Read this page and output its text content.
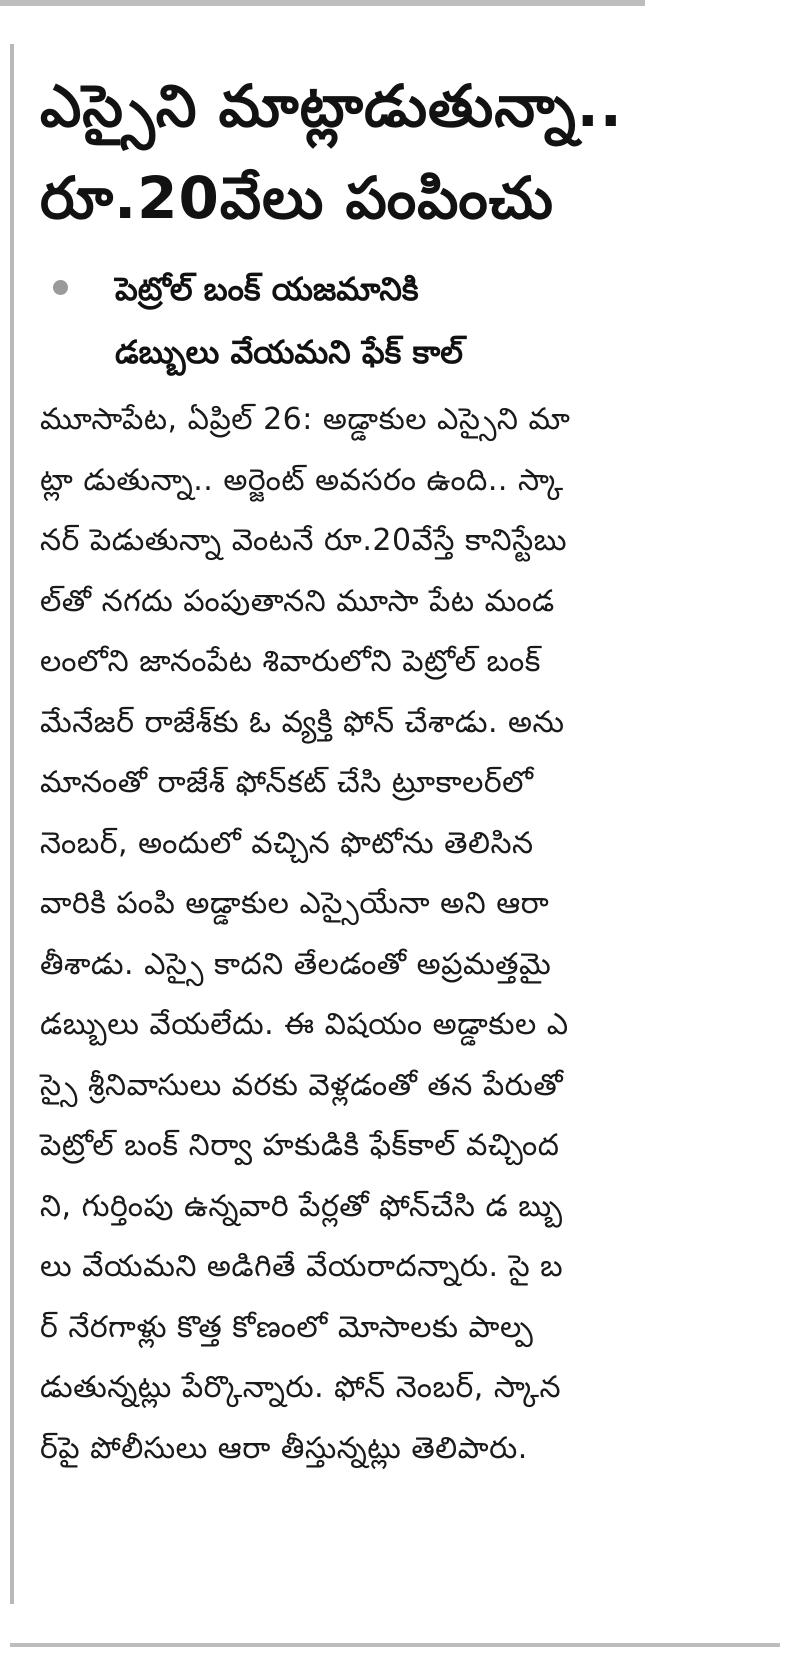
ఎస్సైని మాట్లాడుతున్నా..
రూ.20వేలు పంపించు
పెట్రోల్ బంక్ యజమానికి
డబ్బులు వేయమని ఫేక్ కాల్
మూసాపేట, ఏప్రిల్ 26: అడ్డాకుల ఎస్సైని మా
ట్లా డుతున్నా.. అర్జెంట్ అవసరం ఉంది.. స్కా
నర్ పెడుతున్నా వెంటనే రూ.20వేస్తే కానిస్టేబు
ల్‌తో నగదు పంపుతానని మూసా పేట మండ
లంలోని జానంపేట శివారులోని పెట్రోల్ బంక్
మేనేజర్ రాజేశ్‌కు ఓ వ్యక్తి ఫోన్ చేశాడు. అను
మానంతో రాజేశ్ ఫోన్‌కట్ చేసి ట్రూకాలర్‌లో
నెంబర్, అందులో వచ్చిన ఫొటోను తెలిసిన
వారికి పంపి అడ్డాకుల ఎస్సైయేనా అని ఆరా
తీశాడు. ఎస్సై కాదని తేలడంతో అప్రమత్తమై
డబ్బులు వేయలేదు. ఈ విషయం అడ్డాకుల ఎ
స్సై శ్రీనివాసులు వరకు వెళ్లడంతో తన పేరుతో
పెట్రోల్ బంక్ నిర్వా హకుడికి ఫేక్‌కాల్ వచ్చింద
ని, గుర్తింపు ఉన్నవారి పేర్లతో ఫోన్‌చేసి డ బ్బు
లు వేయమని అడిగితే వేయరాదన్నారు. సై బ
ర్ నేరగాళ్లు కొత్త కోణంలో మోసాలకు పాల్ప
డుతున్నట్లు పేర్కొన్నారు. ఫోన్ నెంబర్, స్కాన
ర్‌పై పోలీసులు ఆరా తీస్తున్నట్లు తెలిపారు.
